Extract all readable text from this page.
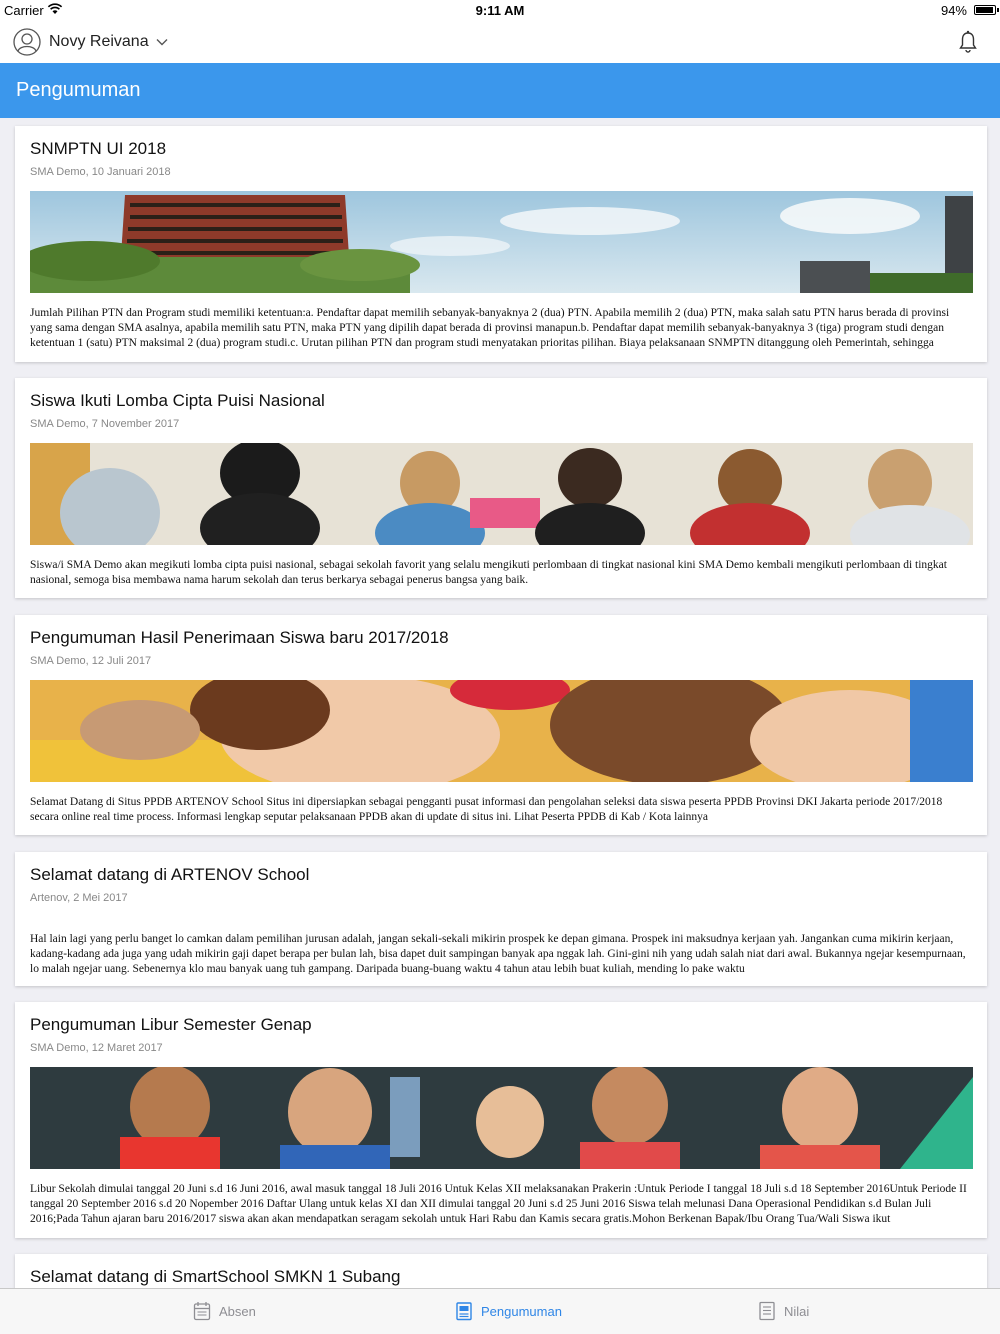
Carrier	9:11 AM	94%
Novy Reivana
Pengumuman
SNMPTN UI 2018
SMA Demo, 10 Januari 2018
Jumlah Pilihan PTN dan Program studi memiliki ketentuan:a. Pendaftar dapat memilih sebanyak-banyaknya 2 (dua) PTN. Apabila memilih 2 (dua) PTN, maka salah satu PTN harus berada di provinsi yang sama dengan SMA asalnya, apabila memilih satu PTN, maka PTN yang dipilih dapat berada di provinsi manapun.b. Pendaftar dapat memilih sebanyak-banyaknya 3 (tiga) program studi dengan ketentuan 1 (satu) PTN maksimal 2 (dua) program studi.c. Urutan pilihan PTN dan program studi menyatakan prioritas pilihan. Biaya pelaksanaan SNMPTN ditanggung oleh Pemerintah, sehingga
Siswa Ikuti Lomba Cipta Puisi Nasional
SMA Demo, 7 November 2017
Siswa/i SMA Demo akan megikuti lomba cipta puisi nasional, sebagai sekolah favorit yang selalu mengikuti perlombaan di tingkat nasional kini SMA Demo kembali mengikuti perlombaan di tingkat nasional, semoga bisa membawa nama harum sekolah dan terus berkarya sebagai penerus bangsa yang baik.
Pengumuman Hasil Penerimaan Siswa baru 2017/2018
SMA Demo, 12 Juli 2017
Selamat Datang di Situs PPDB ARTENOV School Situs ini dipersiapkan sebagai pengganti pusat informasi dan pengolahan seleksi data siswa peserta PPDB Provinsi DKI Jakarta periode 2017/2018 secara online real time process. Informasi lengkap seputar pelaksanaan PPDB akan di update di situs ini. Lihat Peserta PPDB di Kab / Kota lainnya
Selamat datang di ARTENOV School
Artenov, 2 Mei 2017
Hal lain lagi yang perlu banget lo camkan dalam pemilihan jurusan adalah, jangan sekali-sekali mikirin prospek ke depan gimana. Prospek ini maksudnya kerjaan yah. Jangankan cuma mikirin kerjaan, kadang-kadang ada juga yang udah mikirin gaji dapet berapa per bulan lah, bisa dapet duit sampingan banyak apa nggak lah. Gini-gini nih yang udah salah niat dari awal. Bukannya ngejar kesempurnaan, lo malah ngejar uang. Sebenernya klo mau banyak uang tuh gampang. Daripada buang-buang waktu 4 tahun atau lebih buat kuliah, mending lo pake waktu
Pengumuman Libur Semester Genap
SMA Demo, 12 Maret 2017
Libur Sekolah dimulai tanggal 20 Juni s.d 16 Juni 2016, awal masuk tanggal 18 Juli 2016 Untuk Kelas XII melaksanakan Prakerin :Untuk Periode I tanggal 18 Juli s.d 18 September 2016Untuk Periode II tanggal 20 September 2016 s.d 20 Nopember 2016 Daftar Ulang untuk kelas XI dan XII dimulai tanggal 20 Juni s.d 25 Juni 2016 Siswa telah melunasi Dana Operasional Pendidikan s.d Bulan Juli 2016;Pada Tahun ajaran baru 2016/2017 siswa akan akan mendapatkan seragam sekolah untuk Hari Rabu dan Kamis secara gratis.Mohon Berkenan Bapak/Ibu Orang Tua/Wali Siswa ikut
Selamat datang di SmartSchool SMKN 1 Subang
Absen	Pengumuman	Nilai
